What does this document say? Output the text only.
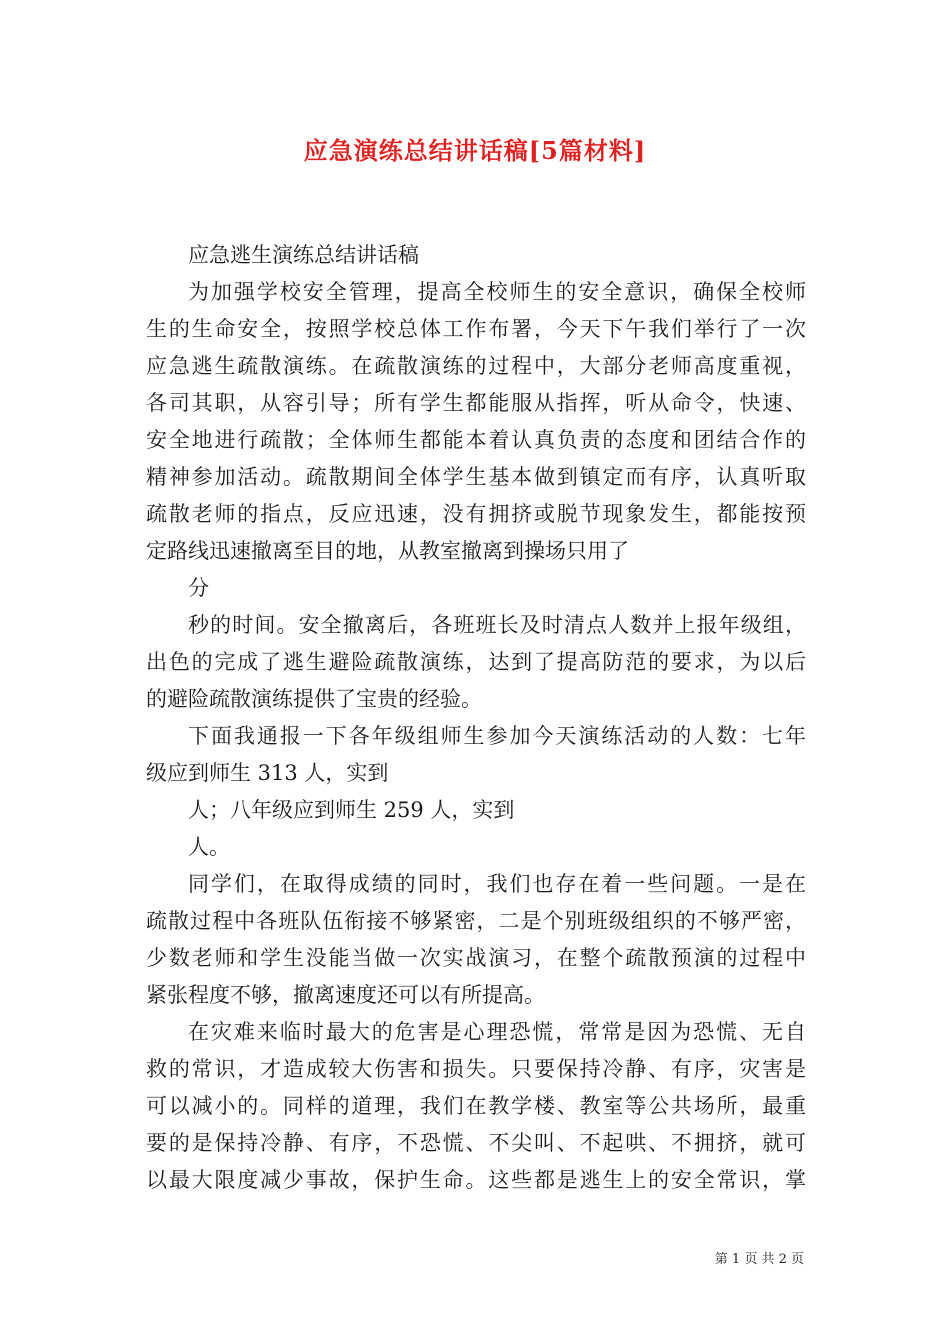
应急演练总结讲话稿[5篇材料]
应急逃生演练总结讲话稿
为加强学校安全管理，提高全校师生的安全意识，确保全校师
生的生命安全，按照学校总体工作布署，今天下午我们举行了一次
应急逃生疏散演练。在疏散演练的过程中，大部分老师高度重视，
各司其职，从容引导；所有学生都能服从指挥，听从命令，快速、
安全地进行疏散；全体师生都能本着认真负责的态度和团结合作的
精神参加活动。疏散期间全体学生基本做到镇定而有序，认真听取
疏散老师的指点，反应迅速，没有拥挤或脱节现象发生，都能按预
定路线迅速撤离至目的地，从教室撤离到操场只用了
分
秒的时间。安全撤离后，各班班长及时清点人数并上报年级组，
出色的完成了逃生避险疏散演练，达到了提高防范的要求，为以后
的避险疏散演练提供了宝贵的经验。
下面我通报一下各年级组师生参加今天演练活动的人数：七年
级应到师生 313 人，实到
人；八年级应到师生 259 人，实到
人。
同学们，在取得成绩的同时，我们也存在着一些问题。一是在
疏散过程中各班队伍衔接不够紧密，二是个别班级组织的不够严密，
少数老师和学生没能当做一次实战演习，在整个疏散预演的过程中
紧张程度不够，撤离速度还可以有所提高。
在灾难来临时最大的危害是心理恐慌，常常是因为恐慌、无自
救的常识，才造成较大伤害和损失。只要保持冷静、有序，灾害是
可以减小的。同样的道理，我们在教学楼、教室等公共场所，最重
要的是保持冷静、有序，不恐慌、不尖叫、不起哄、不拥挤，就可
以最大限度减少事故，保护生命。这些都是逃生上的安全常识，掌
第 1 页 共 2 页
